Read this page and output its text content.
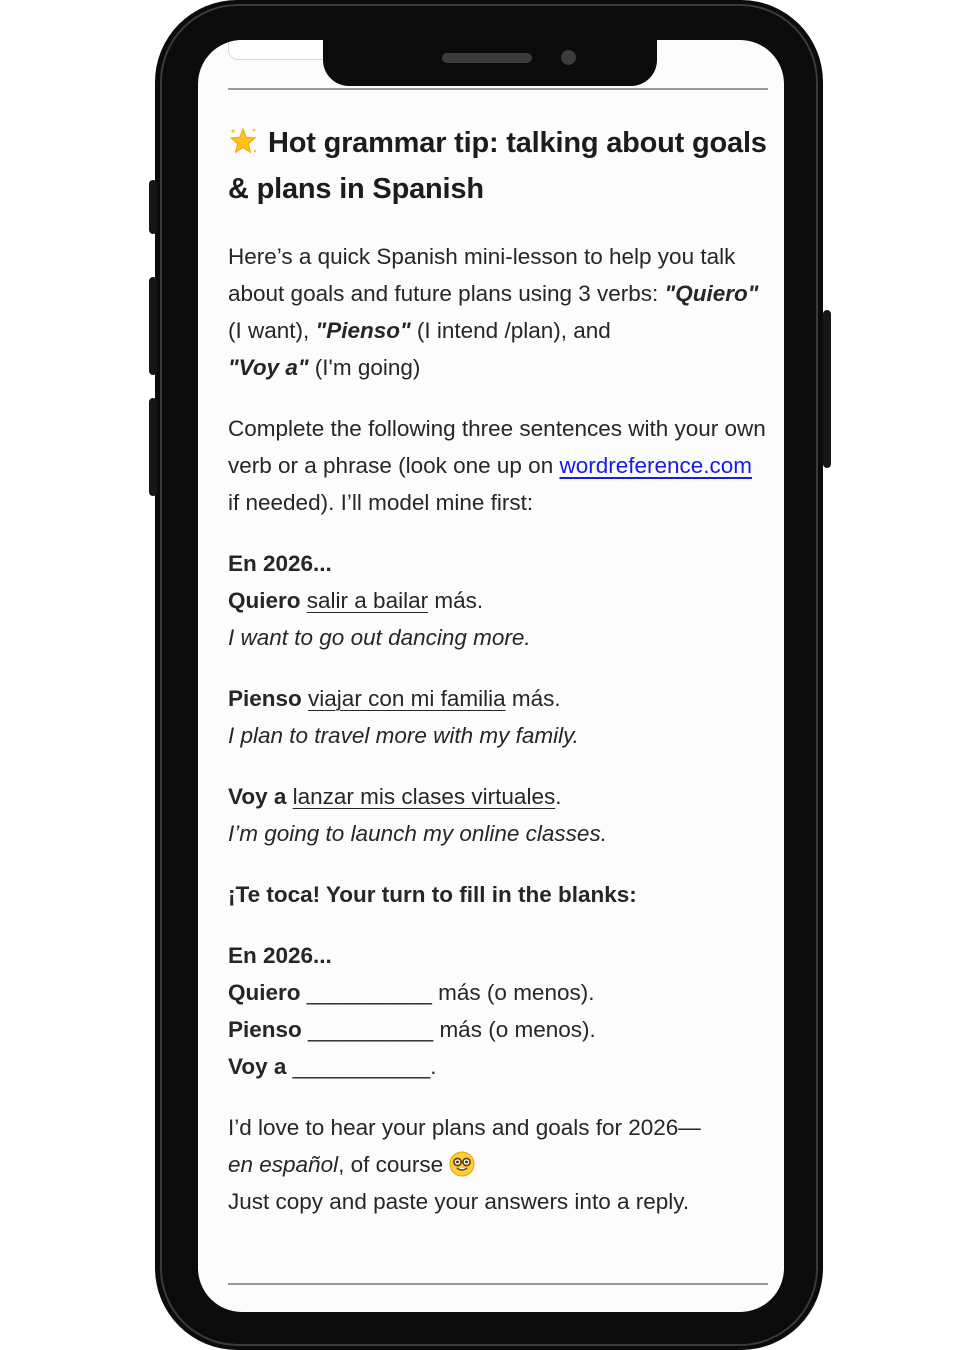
Hot grammar tip: talking about goals & plans in Spanish

Here’s a quick Spanish mini-lesson to help you talk about goals and future plans using 3 verbs: "Quiero" (I want), "Pienso" (I intend /plan), and
"Voy a" (I'm going)

Complete the following three sentences with your own verb or a phrase (look one up on wordreference.com if needed). I’ll model mine first:

En 2026...
Quiero salir a bailar más.
I want to go out dancing more.

Pienso viajar con mi familia más.
I plan to travel more with my family.

Voy a lanzar mis clases virtuales.
I’m going to launch my online classes.

¡Te toca! Your turn to fill in the blanks:

En 2026...
Quiero __________ más (o menos).
Pienso __________ más (o menos).
Voy a ___________.

I’d love to hear your plans and goals for 2026—
en español, of course
Just copy and paste your answers into a reply.
